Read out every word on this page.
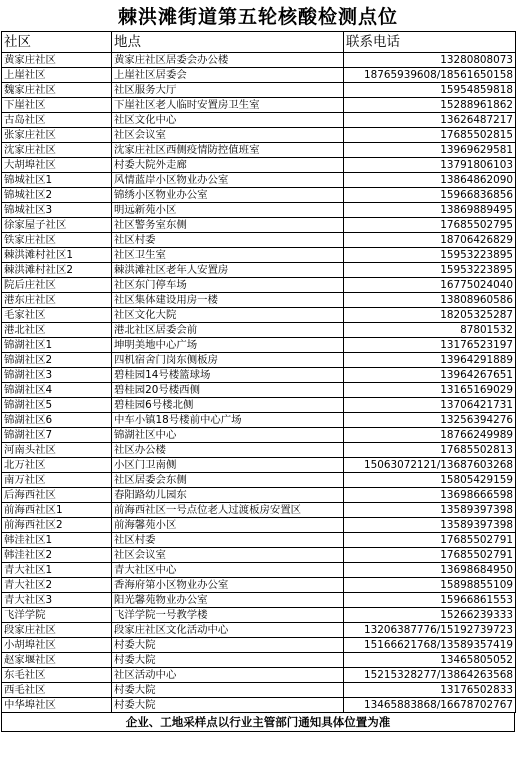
棘洪滩街道第五轮核酸检测点位
社区	地点	联系电话
黄家庄社区	黄家庄社区居委会办公楼	13280808073
上崖社区	上崖社区居委会	18765939608/18561650158
魏家庄社区	社区服务大厅	15954859818
下崖社区	下崖社区老人临时安置房卫生室	15288961862
古岛社区	社区文化中心	13626487217
张家庄社区	社区会议室	17685502815
沈家庄社区	沈家庄社区西侧疫情防控值班室	13969629581
大胡埠社区	村委大院外走廊	13791806103
锦城社区1	风情蓝岸小区物业办公室	13864862090
锦城社区2	锦绣小区物业办公室	15966836856
锦城社区3	明远新苑小区	13869889495
徐家屋子社区	社区警务室东侧	17685502795
铁家庄社区	社区村委	18706426829
棘洪滩村社区1	社区卫生室	15953223895
棘洪滩村社区2	棘洪滩社区老年人安置房	15953223895
院后庄社区	社区东门停车场	16775024040
港东庄社区	社区集体建设用房一楼	13808960586
毛家社区	社区文化大院	18205325287
港北社区	港北社区居委会前	87801532
锦湖社区1	坤明美地中心广场	13176523197
锦湖社区2	四机宿舍门岗东侧板房	13964291889
锦湖社区3	碧桂园14号楼篮球场	13964267651
锦湖社区4	碧桂园20号楼西侧	13165169029
锦湖社区5	碧桂园6号楼北侧	13706421731
锦湖社区6	中车小镇18号楼前中心广场	13256394276
锦湖社区7	锦湖社区中心	18766249989
河南头社区	社区办公楼	17685502813
北万社区	小区门卫南侧	15063072121/13687603268
南万社区	社区居委会东侧	15805429159
后海西社区	春阳路幼儿园东	13698666598
前海西社区1	前海西社区一号点位老人过渡板房安置区	13589397398
前海西社区2	前海馨苑小区	13589397398
韩洼社区1	社区村委	17685502791
韩洼社区2	社区会议室	17685502791
青大社区1	青大社区中心	13698684950
青大社区2	香海府第小区物业办公室	15898855109
青大社区3	阳光馨苑物业办公室	15966861553
飞洋学院	飞洋学院一号教学楼	15266239333
段家庄社区	段家庄社区文化活动中心	13206387776/15192739723
小胡埠社区	村委大院	15166621768/13589357419
赵家堰社区	村委大院	13465805052
东毛社区	社区活动中心	15215328277/13864263568
西毛社区	村委大院	13176502833
中华埠社区	村委大院	13465883868/16678702767
企业、工地采样点以行业主管部门通知具体位置为准
